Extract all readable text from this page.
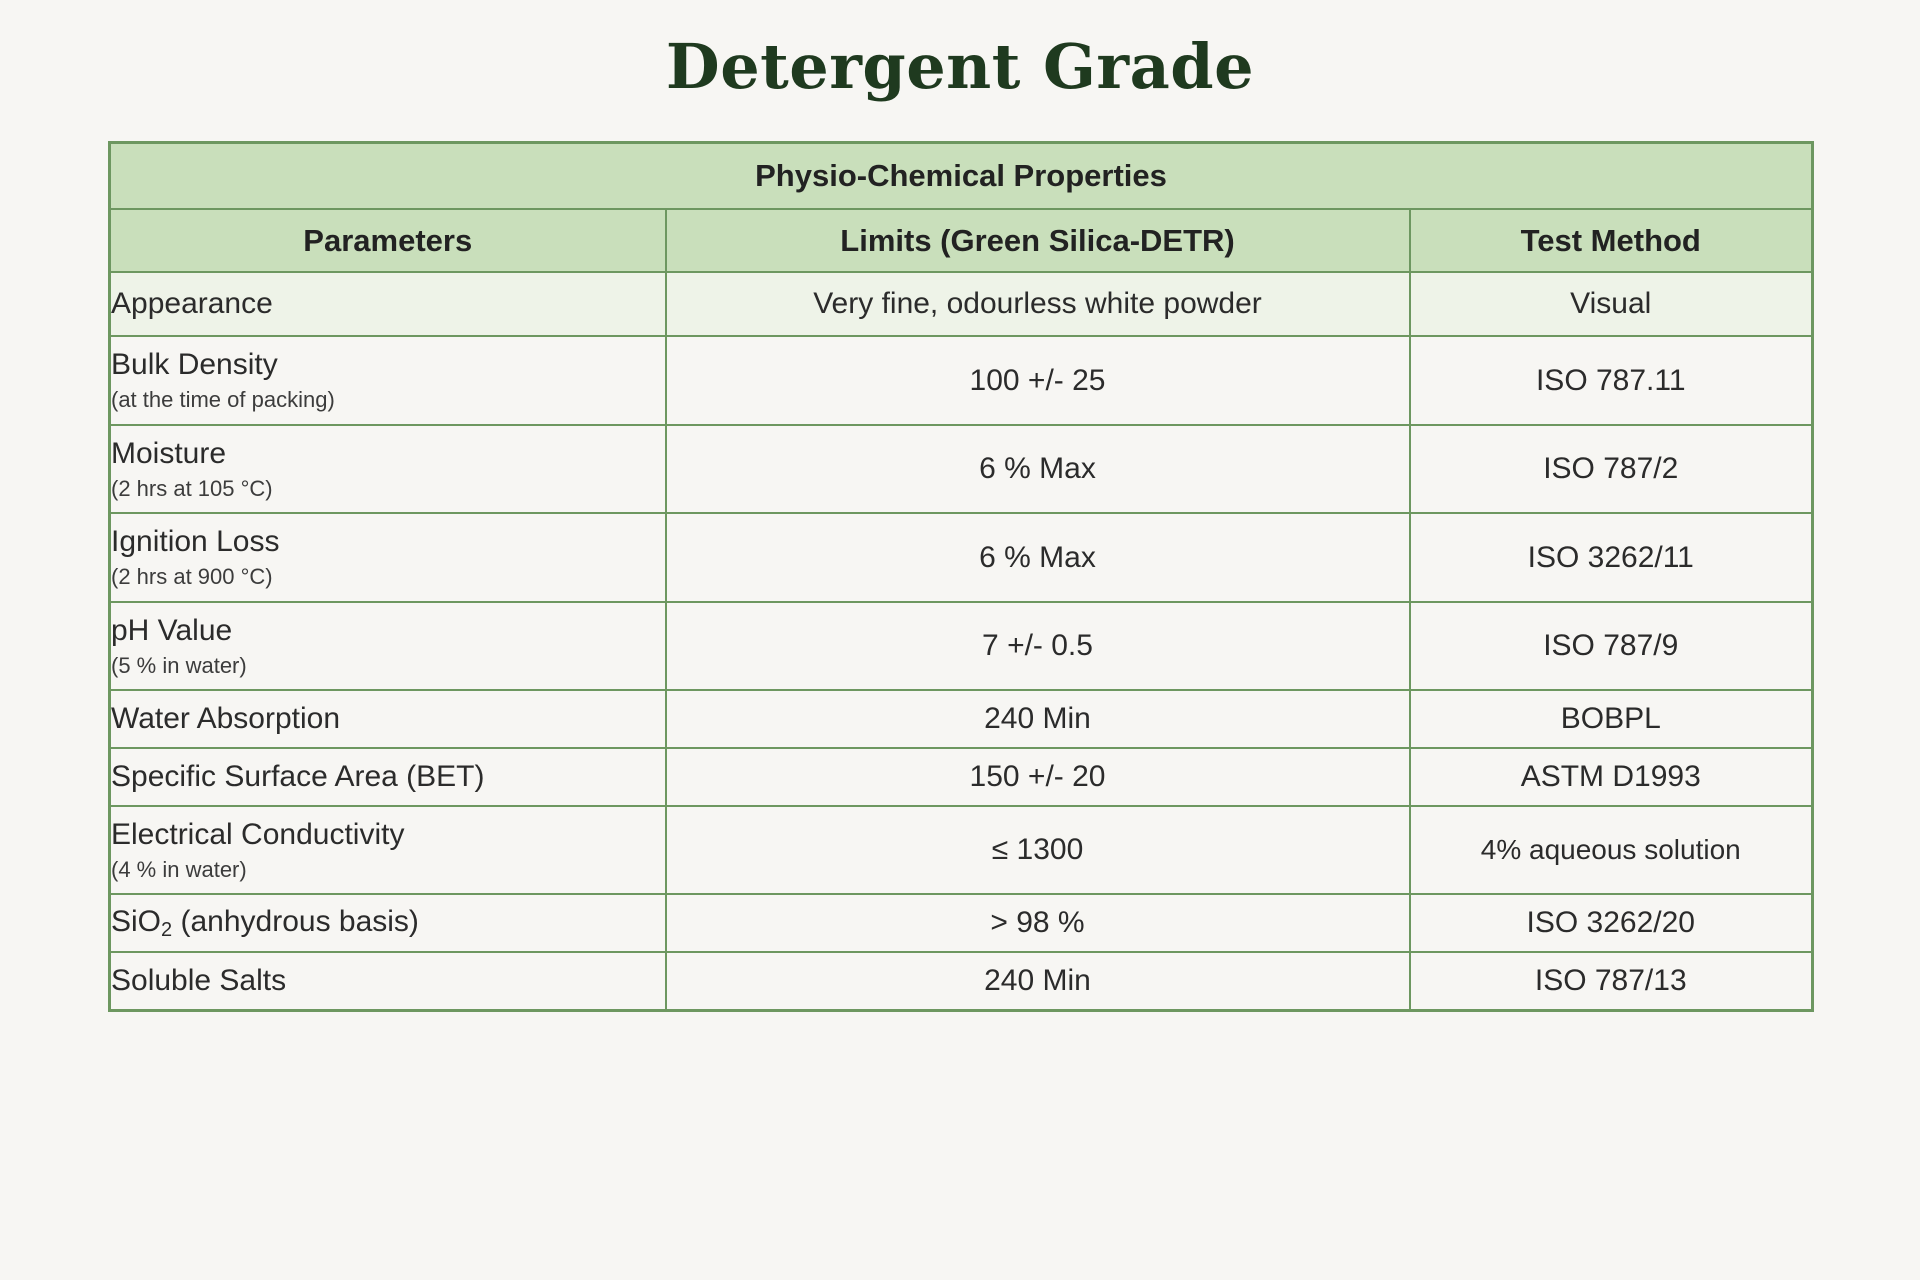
Detergent Grade
Physio-Chemical Properties		
Parameters	Limits (Green Silica-DETR)	Test Method
Appearance	Very fine, odourless white powder	Visual
Bulk Density
(at the time of packing)	100 +/- 25	ISO 787.11
Moisture
(2 hrs at 105 °C)	6 % Max	ISO 787/2
Ignition Loss
(2 hrs at 900 °C)	6 % Max	ISO 3262/11
pH Value
(5 % in water)	7 +/- 0.5	ISO 787/9
Water Absorption	240 Min	BOBPL
Specific Surface Area (BET)	150 +/- 20	ASTM D1993
Electrical Conductivity
(4 % in water)	≤ 1300	4% aqueous solution
SiO$_2$ (anhydrous basis)	> 98 %	ISO 3262/20
Soluble Salts	240 Min	ISO 787/13
